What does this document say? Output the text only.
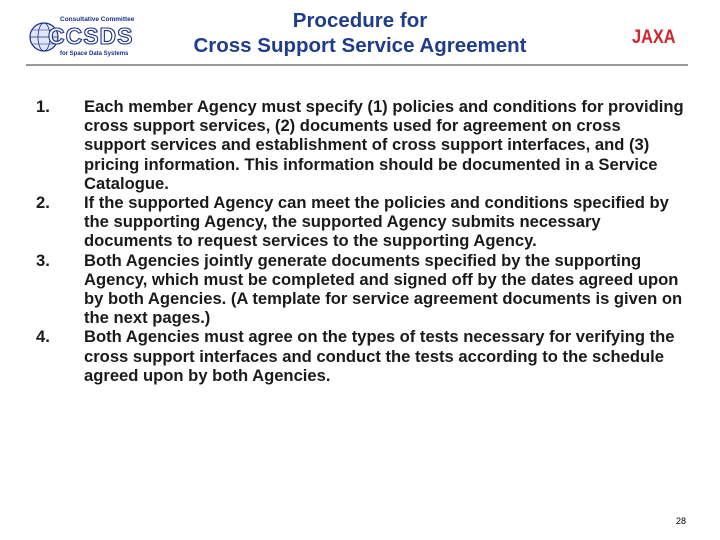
Consultative Committee
CCSDS
for Space Data Systems
Procedure for
Cross Support Service Agreement	JAXA
1. Each member Agency must specify (1) policies and conditions for providing cross support services, (2) documents used for agreement on cross support services and establishment of cross support interfaces, and (3) pricing information. This information should be documented in a Service Catalogue.
2. If the supported Agency can meet the policies and conditions specified by the supporting Agency, the supported Agency submits necessary documents to request services to the supporting Agency.
3. Both Agencies jointly generate documents specified by the supporting Agency, which must be completed and signed off by the dates agreed upon by both Agencies. (A template for service agreement documents is given on the next pages.)
4. Both Agencies must agree on the types of tests necessary for verifying the cross support interfaces and conduct the tests according to the schedule agreed upon by both Agencies.
28
